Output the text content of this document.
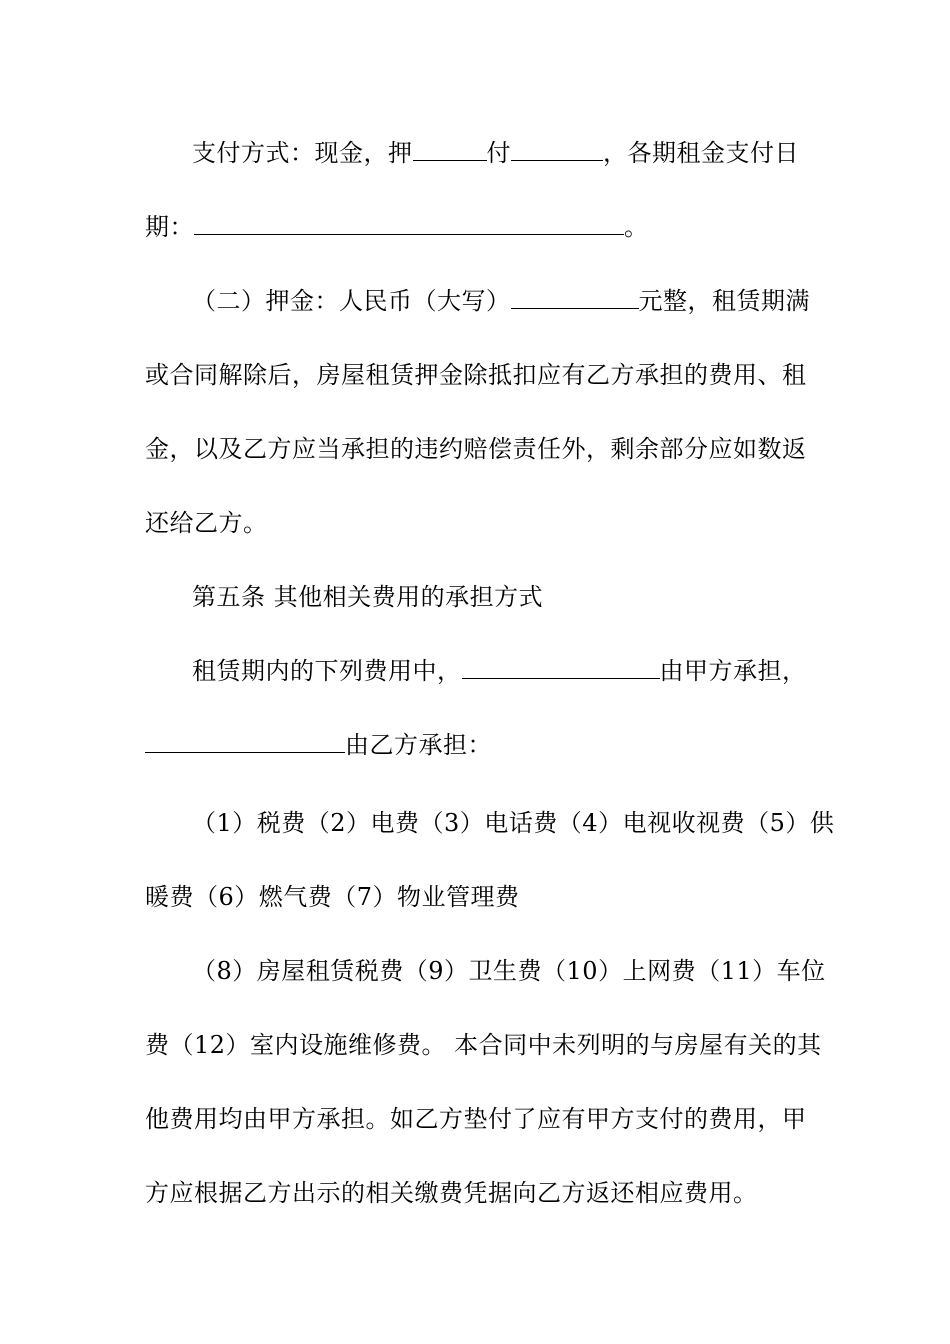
支付方式：现金，押	付	，各期租金支付日
期：	。
（二）押金：人民币（大写）	元整，租赁期满
或合同解除后，房屋租赁押金除抵扣应有乙方承担的费用、租
金，以及乙方应当承担的违约赔偿责任外，剩余部分应如数返
还给乙方。
第五条 其他相关费用的承担方式
租赁期内的下列费用中，	由甲方承担，
由乙方承担：
（1）税费（2）电费（3）电话费（4）电视收视费（5）供
暖费（6）燃气费（7）物业管理费
（8）房屋租赁税费（9）卫生费（10）上网费（11）车位
费（12）室内设施维修费。 本合同中未列明的与房屋有关的其
他费用均由甲方承担。如乙方垫付了应有甲方支付的费用，甲
方应根据乙方出示的相关缴费凭据向乙方返还相应费用。
